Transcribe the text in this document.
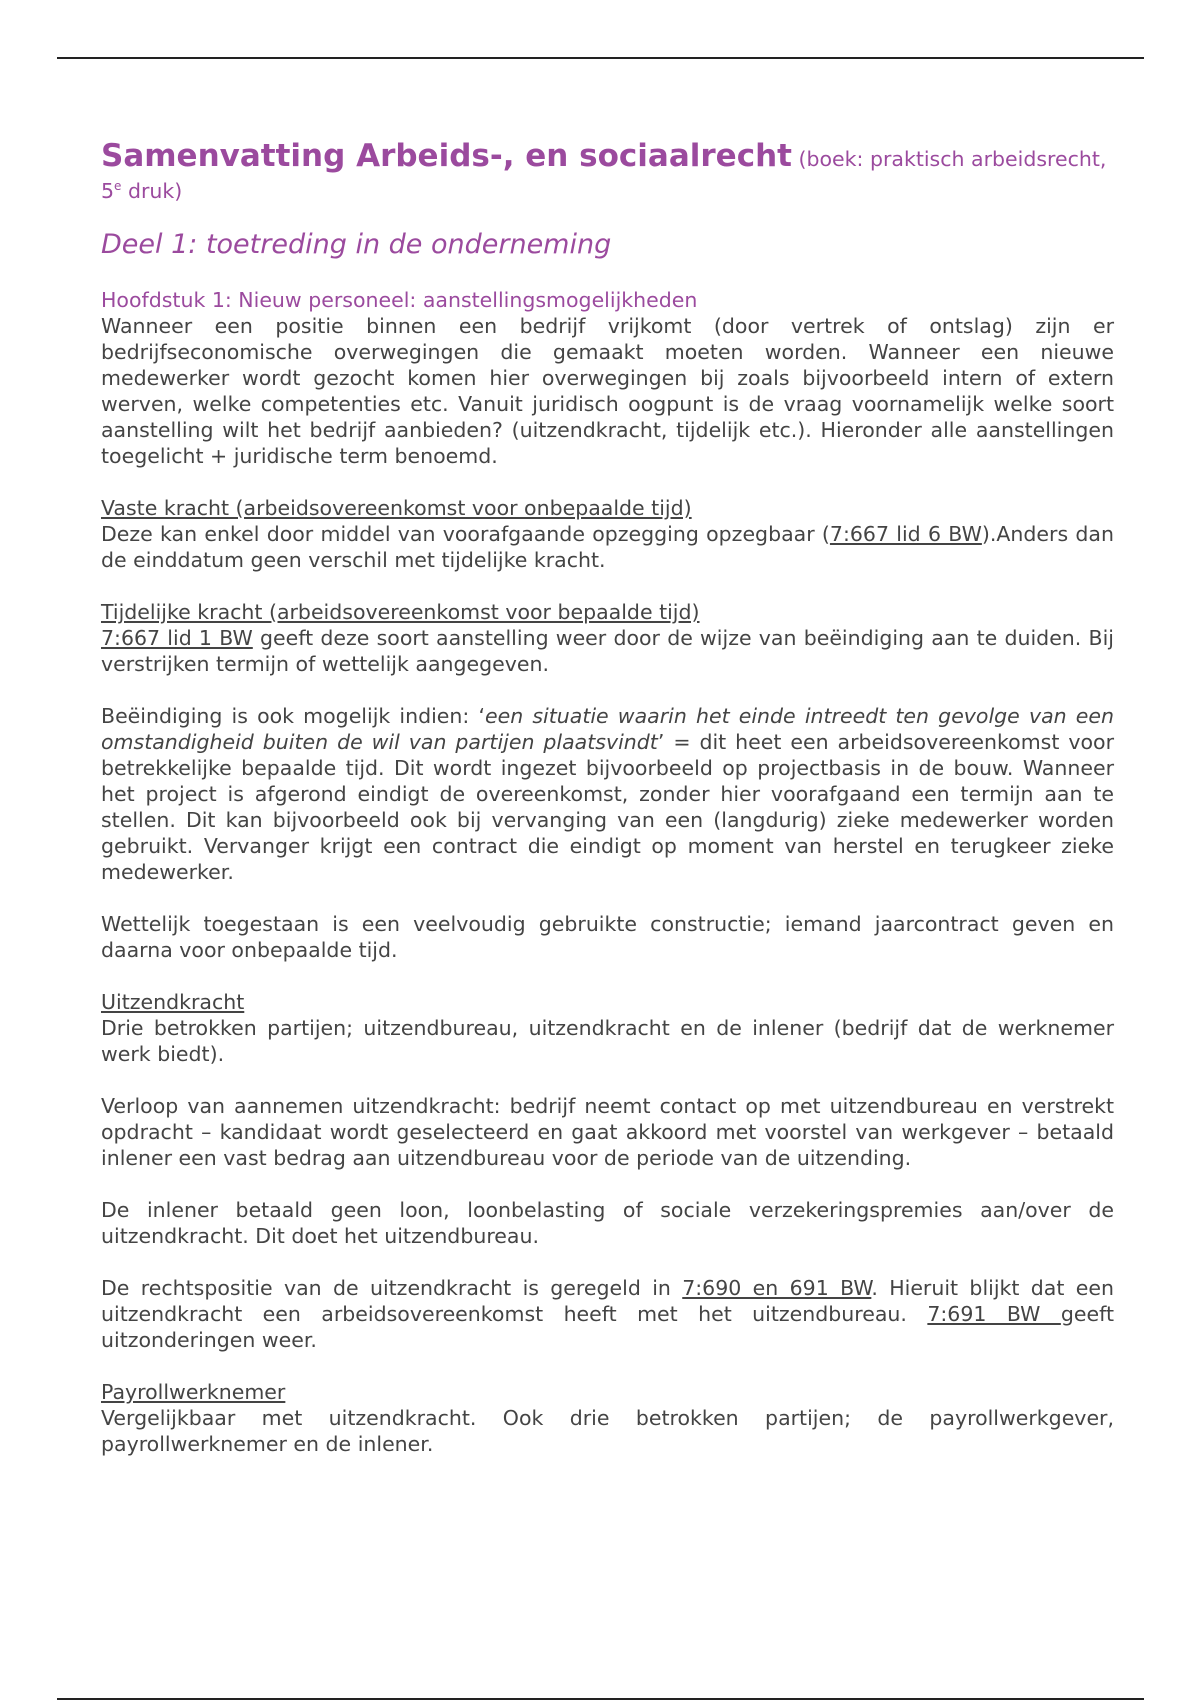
Samenvatting Arbeids-, en sociaalrecht (boek: praktisch arbeidsrecht, 5e druk)
Deel 1: toetreding in de onderneming
Hoofdstuk 1: Nieuw personeel: aanstellingsmogelijkheden

Wanneer een positie binnen een bedrijf vrijkomt (door vertrek of ontslag) zijn er bedrijfseconomische overwegingen die gemaakt moeten worden. Wanneer een nieuwe medewerker wordt gezocht komen hier overwegingen bij zoals bijvoorbeeld intern of extern werven, welke competenties etc. Vanuit juridisch oogpunt is de vraag voornamelijk welke soort aanstelling wilt het bedrijf aanbieden? (uitzendkracht, tijdelijk etc.). Hieronder alle aanstellingen toegelicht + juridische term benoemd.

Vaste kracht (arbeidsovereenkomst voor onbepaalde tijd)

Deze kan enkel door middel van voorafgaande opzegging opzegbaar (7:667 lid 6 BW).Anders dan de einddatum geen verschil met tijdelijke kracht.

Tijdelijke kracht (arbeidsovereenkomst voor bepaalde tijd)

7:667 lid 1 BW geeft deze soort aanstelling weer door de wijze van beëindiging aan te duiden. Bij verstrijken termijn of wettelijk aangegeven.

Beëindiging is ook mogelijk indien: ‘een situatie waarin het einde intreedt ten gevolge van een omstandigheid buiten de wil van partijen plaatsvindt’ = dit heet een arbeidsovereenkomst voor betrekkelijke bepaalde tijd. Dit wordt ingezet bijvoorbeeld op projectbasis in de bouw. Wanneer het project is afgerond eindigt de overeenkomst, zonder hier voorafgaand een termijn aan te stellen. Dit kan bijvoorbeeld ook bij vervanging van een (langdurig) zieke medewerker worden gebruikt. Vervanger krijgt een contract die eindigt op moment van herstel en terugkeer zieke medewerker.

Wettelijk toegestaan is een veelvoudig gebruikte constructie; iemand jaarcontract geven en daarna voor onbepaalde tijd.

Uitzendkracht

Drie betrokken partijen; uitzendbureau, uitzendkracht en de inlener (bedrijf dat de werknemer werk biedt).

Verloop van aannemen uitzendkracht: bedrijf neemt contact op met uitzendbureau en verstrekt opdracht – kandidaat wordt geselecteerd en gaat akkoord met voorstel van werkgever – betaald inlener een vast bedrag aan uitzendbureau voor de periode van de uitzending.

De inlener betaald geen loon, loonbelasting of sociale verzekeringspremies aan/over de uitzendkracht. Dit doet het uitzendbureau.

De rechtspositie van de uitzendkracht is geregeld in 7:690 en 691 BW. Hieruit blijkt dat een uitzendkracht een arbeidsovereenkomst heeft met het uitzendbureau. 7:691 BW geeft uitzonderingen weer.

Payrollwerknemer

Vergelijkbaar met uitzendkracht. Ook drie betrokken partijen; de payrollwerkgever, payrollwerknemer en de inlener.
